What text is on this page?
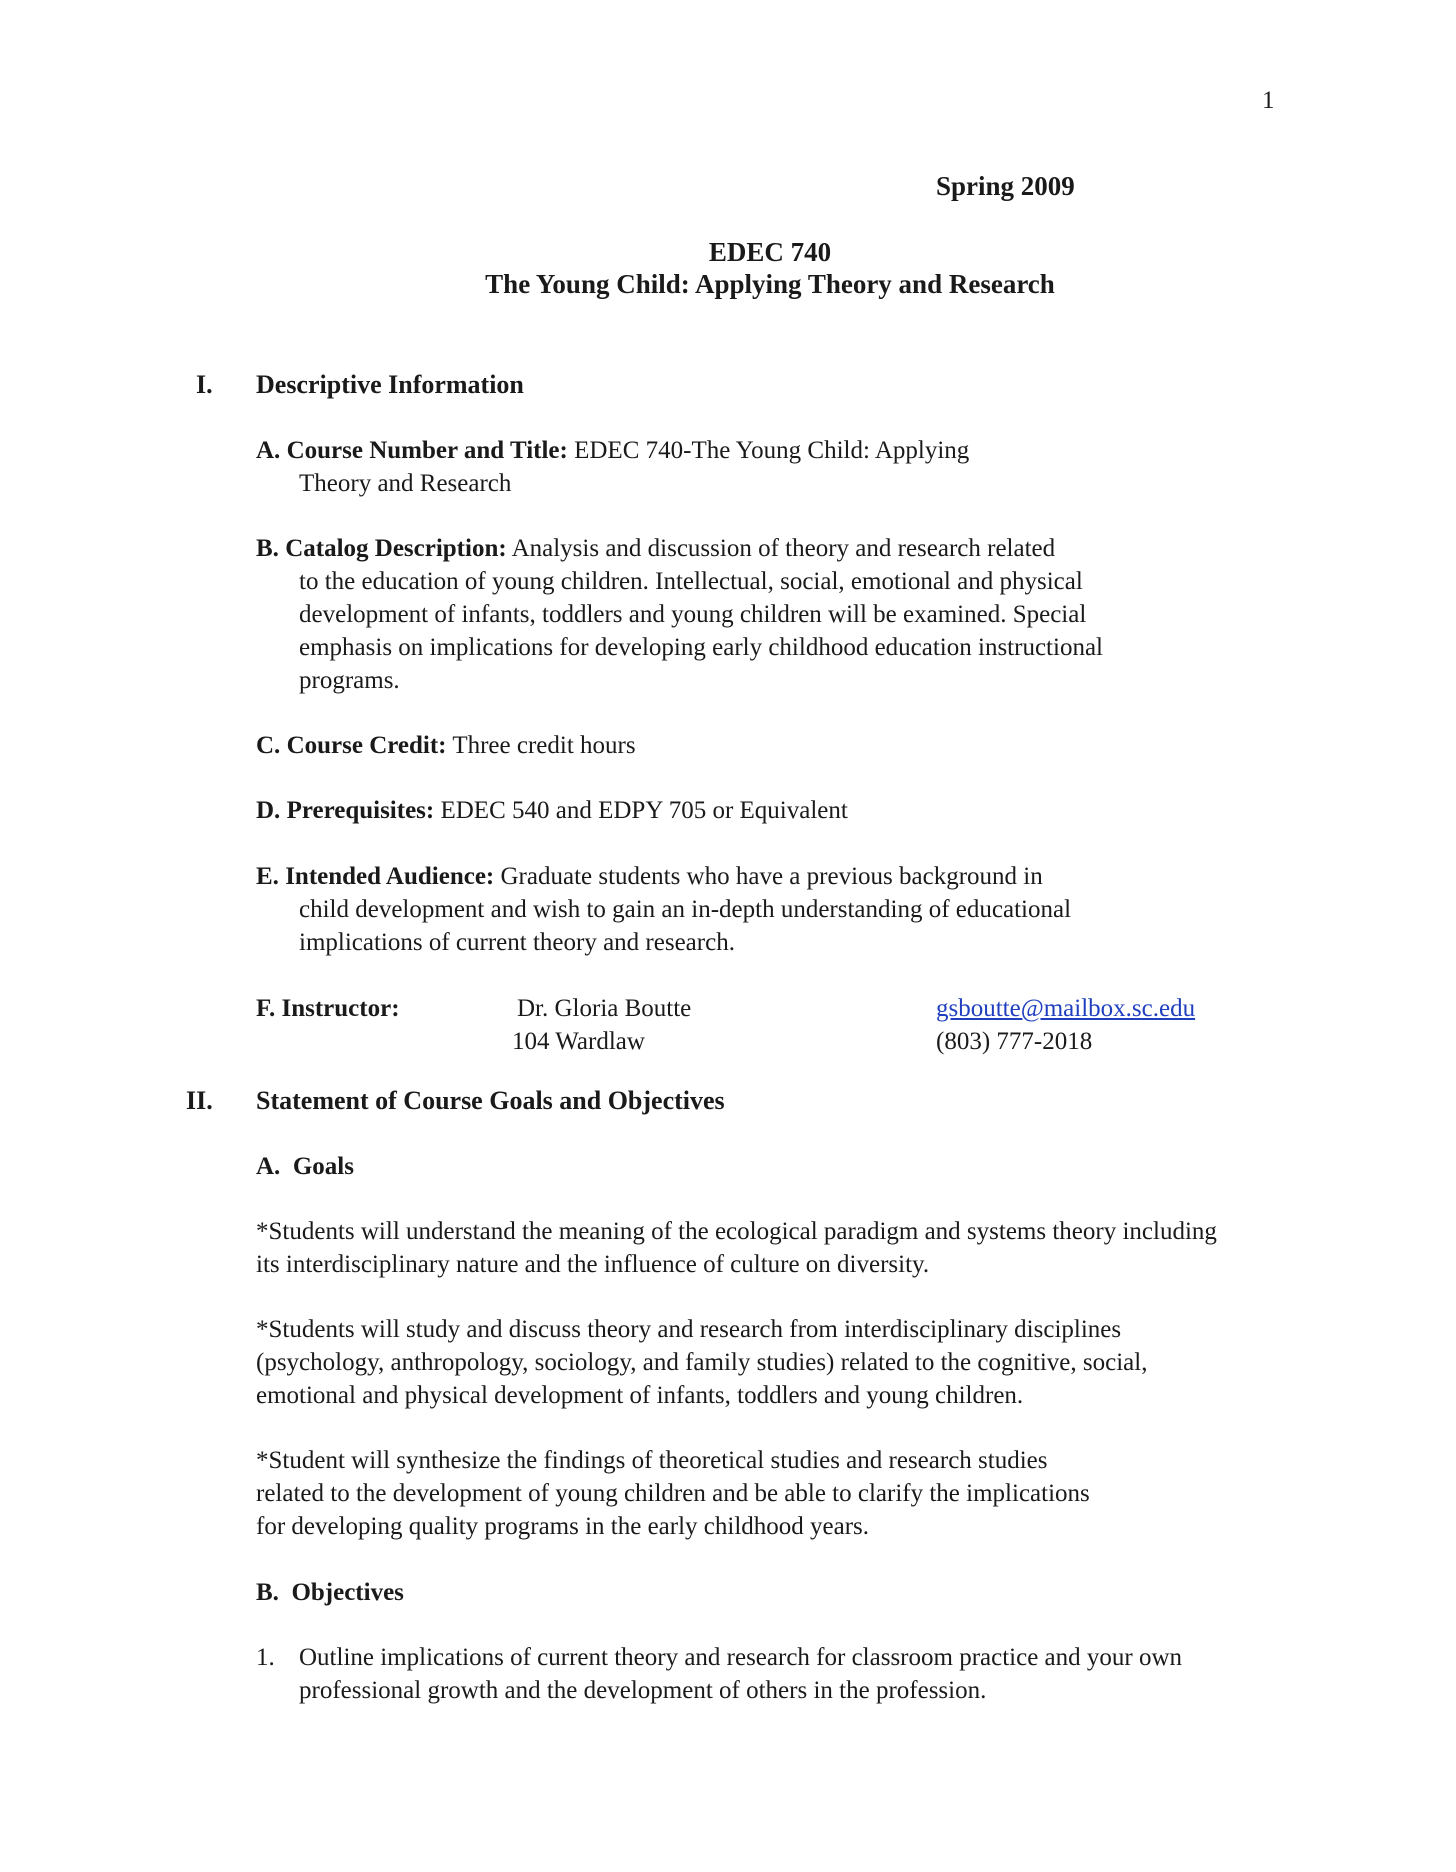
1
Spring 2009
EDEC 740
The Young Child: Applying Theory and Research
I. Descriptive Information
A. Course Number and Title: EDEC 740-The Young Child: Applying
Theory and Research
B. Catalog Description: Analysis and discussion of theory and research related
to the education of young children. Intellectual, social, emotional and physical
development of infants, toddlers and young children will be examined. Special
emphasis on implications for developing early childhood education instructional
programs.
C. Course Credit: Three credit hours
D. Prerequisites: EDEC 540 and EDPY 705 or Equivalent
E. Intended Audience: Graduate students who have a previous background in
child development and wish to gain an in-depth understanding of educational
implications of current theory and research.
F. Instructor:	Dr. Gloria Boutte
104 Wardlaw
gsboutte@mailbox.sc.edu
(803) 777-2018
II. Statement of Course Goals and Objectives
A. Goals
*Students will understand the meaning of the ecological paradigm and systems theory including
its interdisciplinary nature and the influence of culture on diversity.
*Students will study and discuss theory and research from interdisciplinary disciplines
(psychology, anthropology, sociology, and family studies) related to the cognitive, social,
emotional and physical development of infants, toddlers and young children.
*Student will synthesize the findings of theoretical studies and research studies
related to the development of young children and be able to clarify the implications
for developing quality programs in the early childhood years.
B. Objectives
1. Outline implications of current theory and research for classroom practice and your own
professional growth and the development of others in the profession.
